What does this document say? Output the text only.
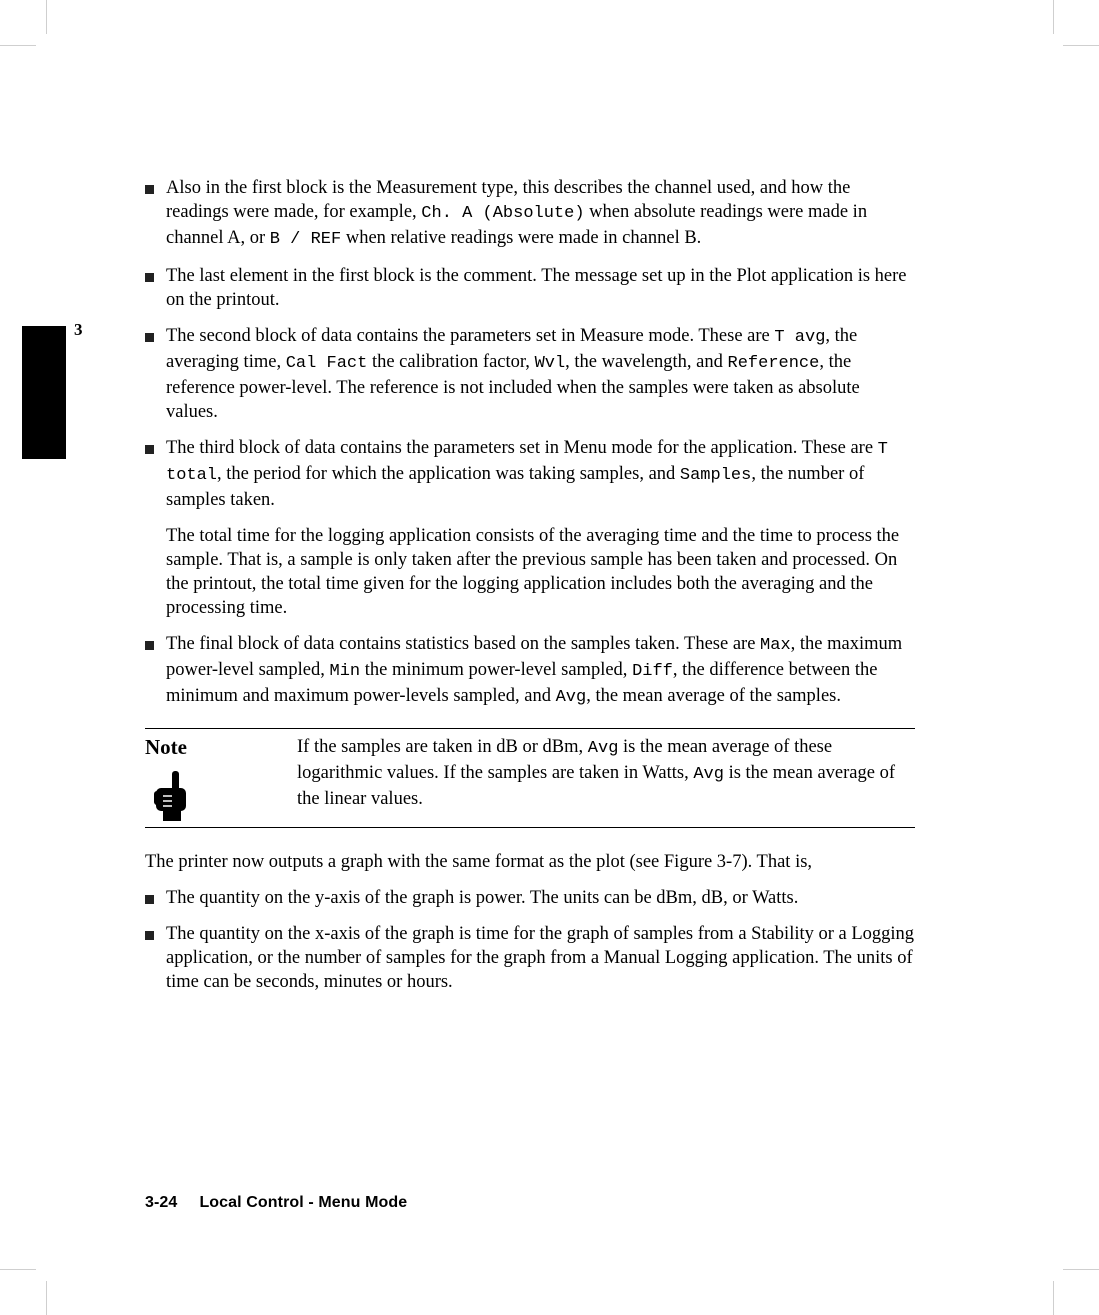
3
Also in the first block is the Measurement type, this describes the channel used, and how the readings were made, for example, Ch. A (Absolute) when absolute readings were made in channel A, or B / REF when relative readings were made in channel B.
The last element in the first block is the comment. The message set up in the Plot application is here on the printout.
The second block of data contains the parameters set in Measure mode. These are T avg, the averaging time, Cal Fact the calibration factor, Wvl, the wavelength, and Reference, the reference power-level. The reference is not included when the samples were taken as absolute values.
The third block of data contains the parameters set in Menu mode for the application. These are T total, the period for which the application was taking samples, and Samples, the number of samples taken.
The total time for the logging application consists of the averaging time and the time to process the sample. That is, a sample is only taken after the previous sample has been taken and processed. On the printout, the total time given for the logging application includes both the averaging and the processing time.
The final block of data contains statistics based on the samples taken. These are Max, the maximum power-level sampled, Min the minimum power-level sampled, Diff, the difference between the minimum and maximum power-levels sampled, and Avg, the mean average of the samples.
Note	If the samples are taken in dB or dBm, Avg is the mean average of these logarithmic values. If the samples are taken in Watts, Avg is the mean average of the linear values.
The printer now outputs a graph with the same format as the plot (see Figure 3-7). That is,
The quantity on the y-axis of the graph is power. The units can be dBm, dB, or Watts.
The quantity on the x-axis of the graph is time for the graph of samples from a Stability or a Logging application, or the number of samples for the graph from a Manual Logging application. The units of time can be seconds, minutes or hours.
3-24 Local Control - Menu Mode
